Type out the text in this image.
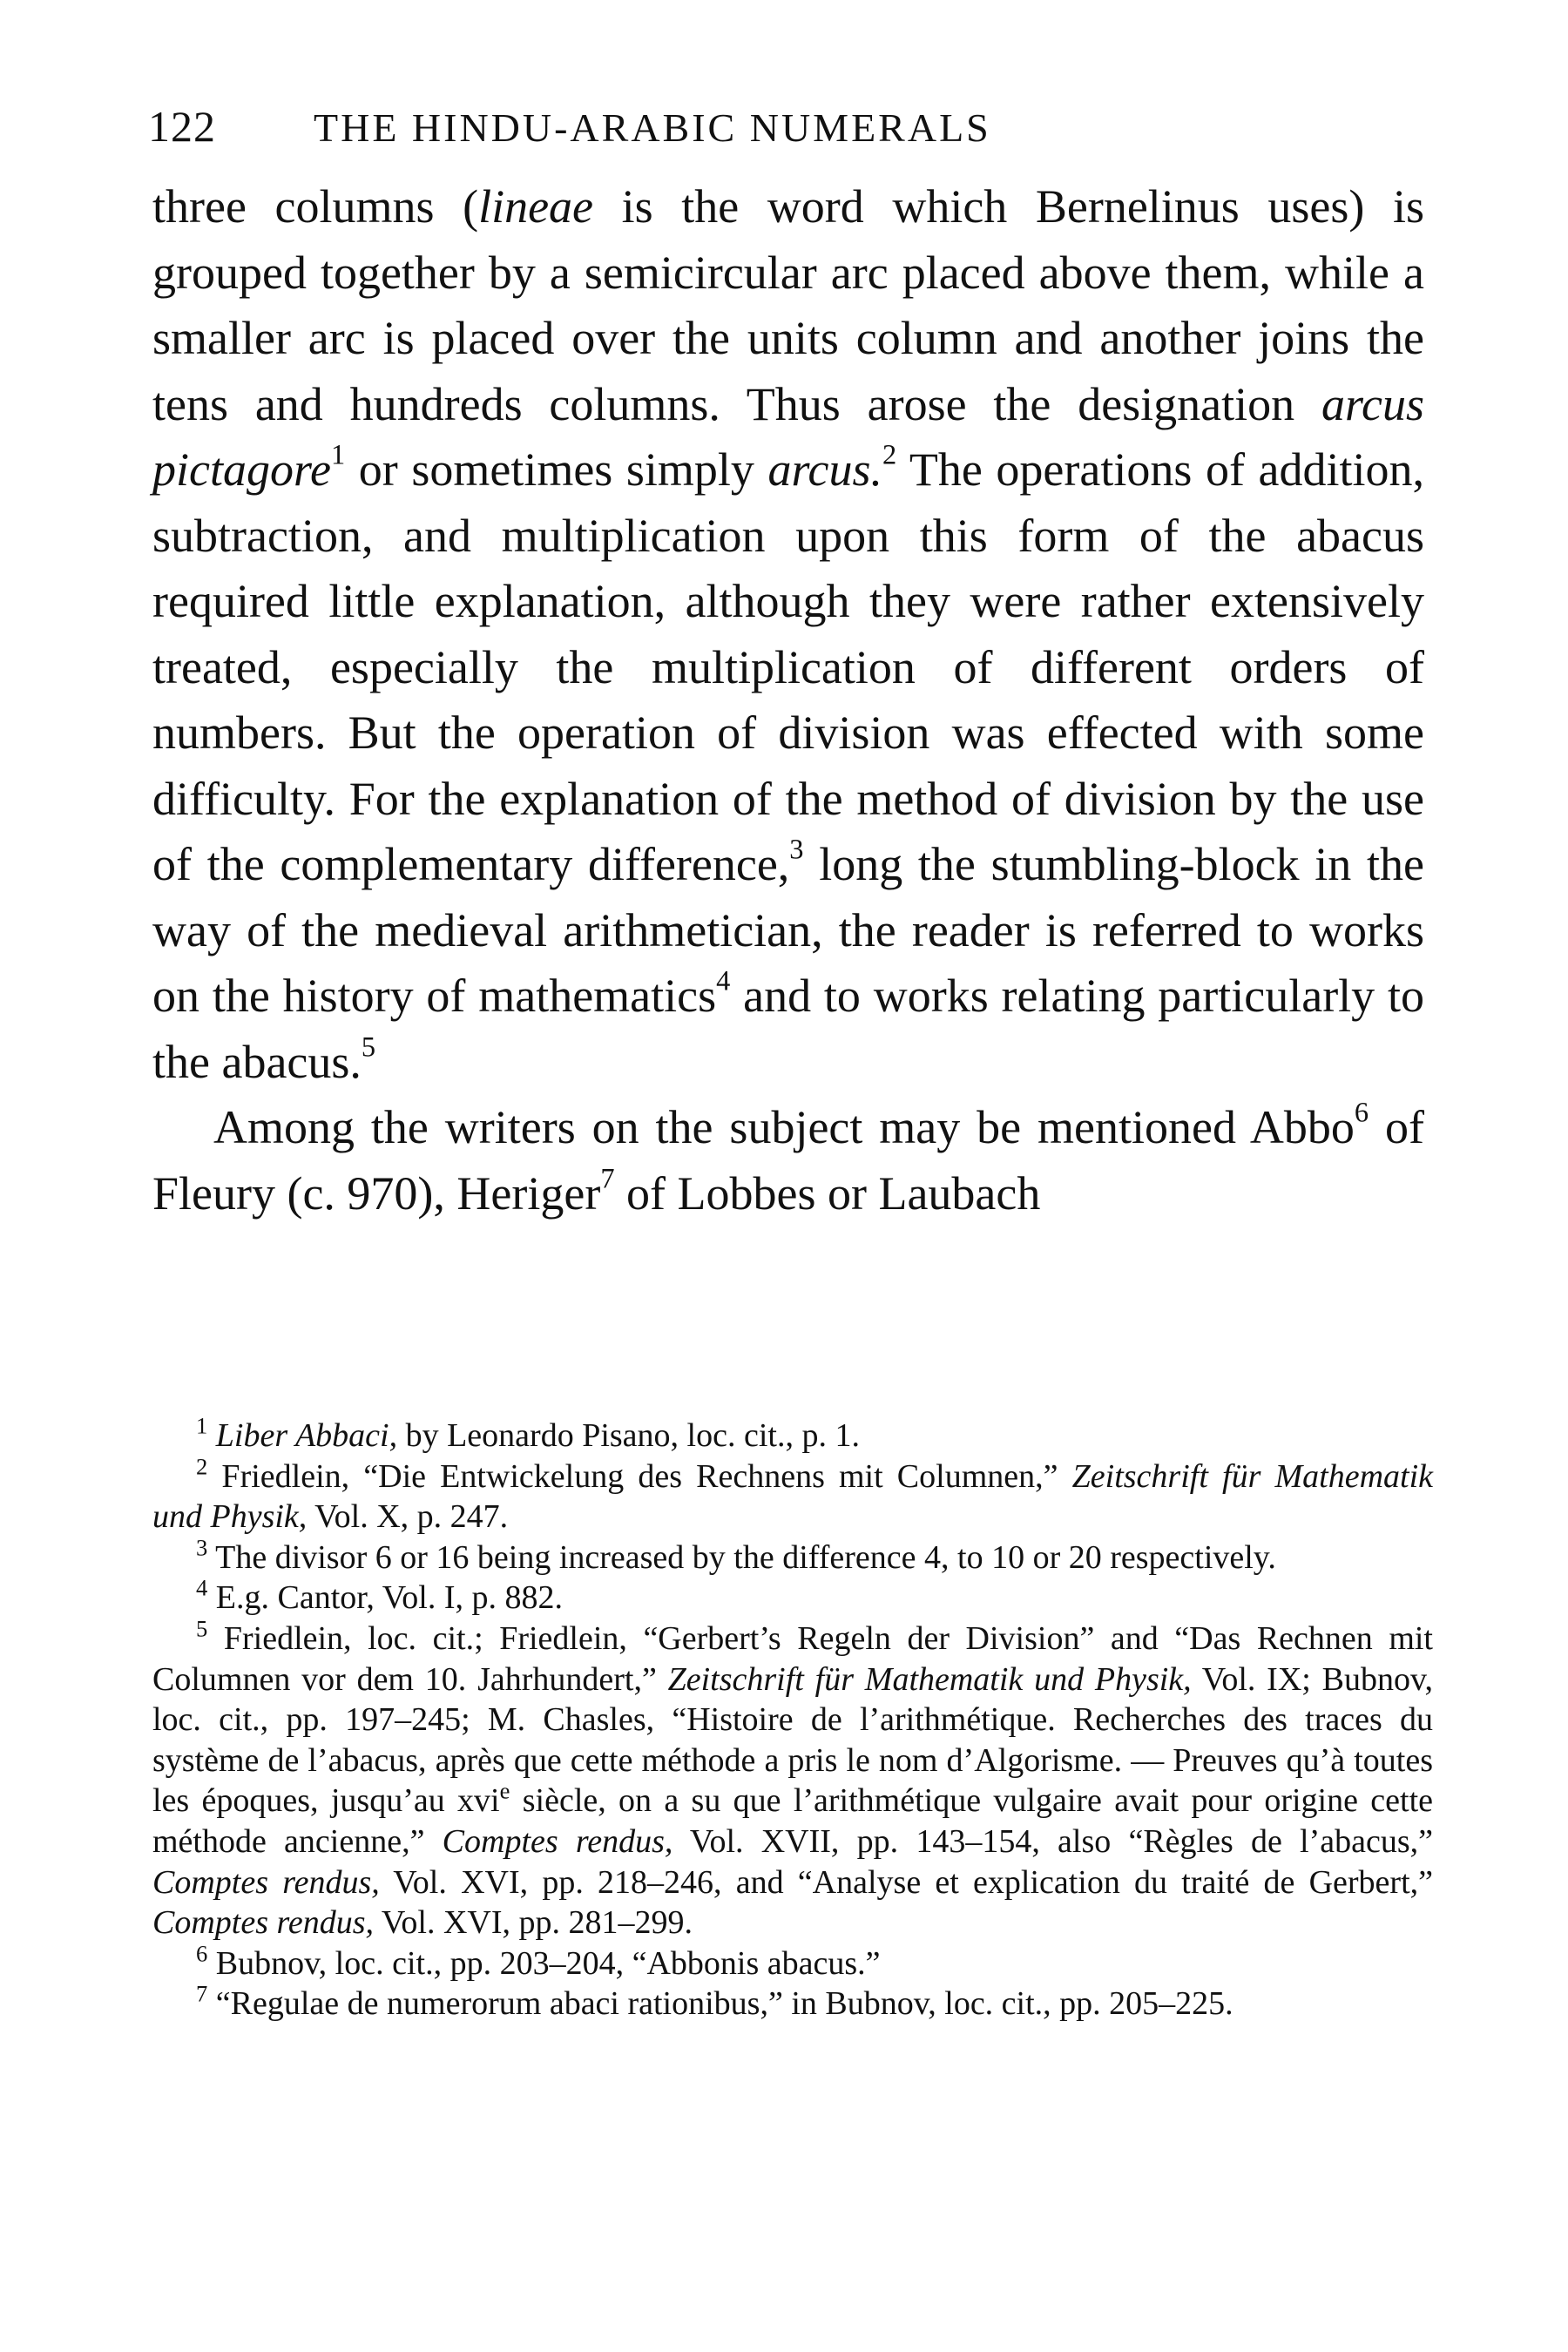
122 THE HINDU-ARABIC NUMERALS

three columns (lineae is the word which Bernelinus uses) is grouped together by a semicircular arc placed above them, while a smaller arc is placed over the units column and another joins the tens and hundreds columns. Thus arose the designation arcus pictagore$^1$ or sometimes simply arcus.$^2$ The operations of addition, subtraction, and multiplication upon this form of the abacus required little explanation, although they were rather extensively treated, especially the multiplication of different orders of numbers. But the operation of division was effected with some difficulty. For the explanation of the method of division by the use of the complementary difference,$^3$ long the stumbling-block in the way of the medieval arithmetician, the reader is referred to works on the history of mathematics$^4$ and to works relating particularly to the abacus.$^5$

Among the writers on the subject may be mentioned Abbo$^6$ of Fleury (c. 970), Heriger$^7$ of Lobbes or Laubach

$^1$ Liber Abbaci, by Leonardo Pisano, loc. cit., p. 1.

$^2$ Friedlein, “Die Entwickelung des Rechnens mit Columnen,” Zeitschrift für Mathematik und Physik, Vol. X, p. 247.

$^3$ The divisor 6 or 16 being increased by the difference 4, to 10 or 20 respectively.

$^4$ E.g. Cantor, Vol. I, p. 882.

$^5$ Friedlein, loc. cit.; Friedlein, “Gerbert’s Regeln der Division” and “Das Rechnen mit Columnen vor dem 10. Jahrhundert,” Zeitschrift für Mathematik und Physik, Vol. IX; Bubnov, loc. cit., pp. 197–245; M. Chasles, “Histoire de l’arithmétique. Recherches des traces du système de l’abacus, après que cette méthode a pris le nom d’Algorisme. — Preuves qu’à toutes les époques, jusqu’au xvi$^e$ siècle, on a su que l’arithmétique vulgaire avait pour origine cette méthode ancienne,” Comptes rendus, Vol. XVII, pp. 143–154, also “Règles de l’abacus,” Comptes rendus, Vol. XVI, pp. 218–246, and “Analyse et explication du traité de Gerbert,” Comptes rendus, Vol. XVI, pp. 281–299.

$^6$ Bubnov, loc. cit., pp. 203–204, “Abbonis abacus.”

$^7$ “Regulae de numerorum abaci rationibus,” in Bubnov, loc. cit., pp. 205–225.
